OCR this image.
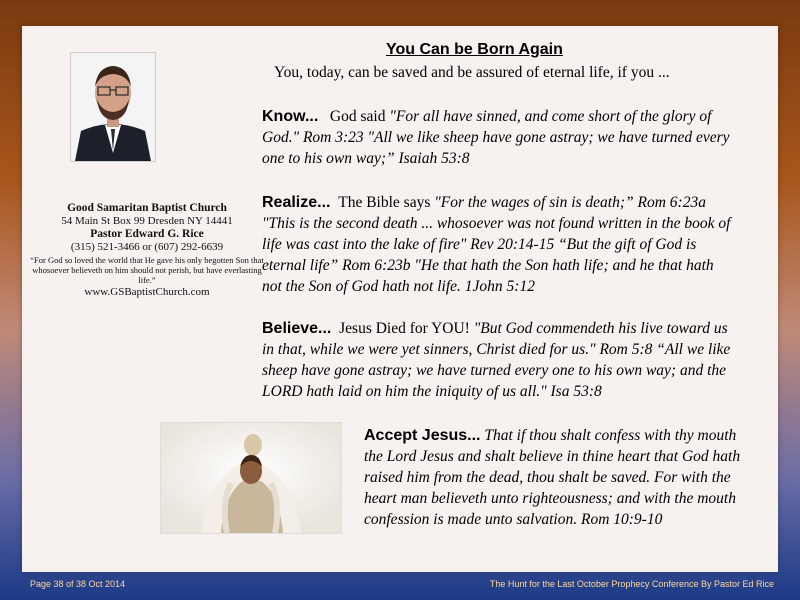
Good Samaritan Baptist Church
54 Main St Box 99 Dresden NY 14441
Pastor Edward G. Rice
(315) 521-3466 or (607) 292-6639
“For God so loved the world that He gave his only begotten Son that whosoever believeth on him should not perish, but have everlasting life.”
www.GSBaptistChurch.com
You Can be Born Again
You, today, can be saved and be assured of eternal life, if you ...
Know... God said "For all have sinned, and come short of the glory of God." Rom 3:23 "All we like sheep have gone astray; we have turned every one to his own way;” Isaiah 53:8
Realize... The Bible says "For the wages of sin is death;” Rom 6:23a "This is the second death ... whosoever was not found written in the book of life was cast into the lake of fire" Rev 20:14-15 “But the gift of God is eternal life” Rom 6:23b "He that hath the Son hath life; and he that hath not the Son of God hath not life. 1John 5:12
Believe... Jesus Died for YOU! "But God commendeth his live toward us in that, while we were yet sinners, Christ died for us." Rom 5:8 “All we like sheep have gone astray; we have turned every one to his own way; and the LORD hath laid on him the iniquity of us all." Isa 53:8
Accept Jesus... That if thou shalt confess with thy mouth the Lord Jesus and shalt believe in thine heart that God hath raised him from the dead, thou shalt be saved. For with the heart man believeth unto righteousness; and with the mouth confession is made unto salvation. Rom 10:9-10
Page 38 of 38 Oct 2014	The Hunt for the Last October Prophecy Conference By Pastor Ed Rice
